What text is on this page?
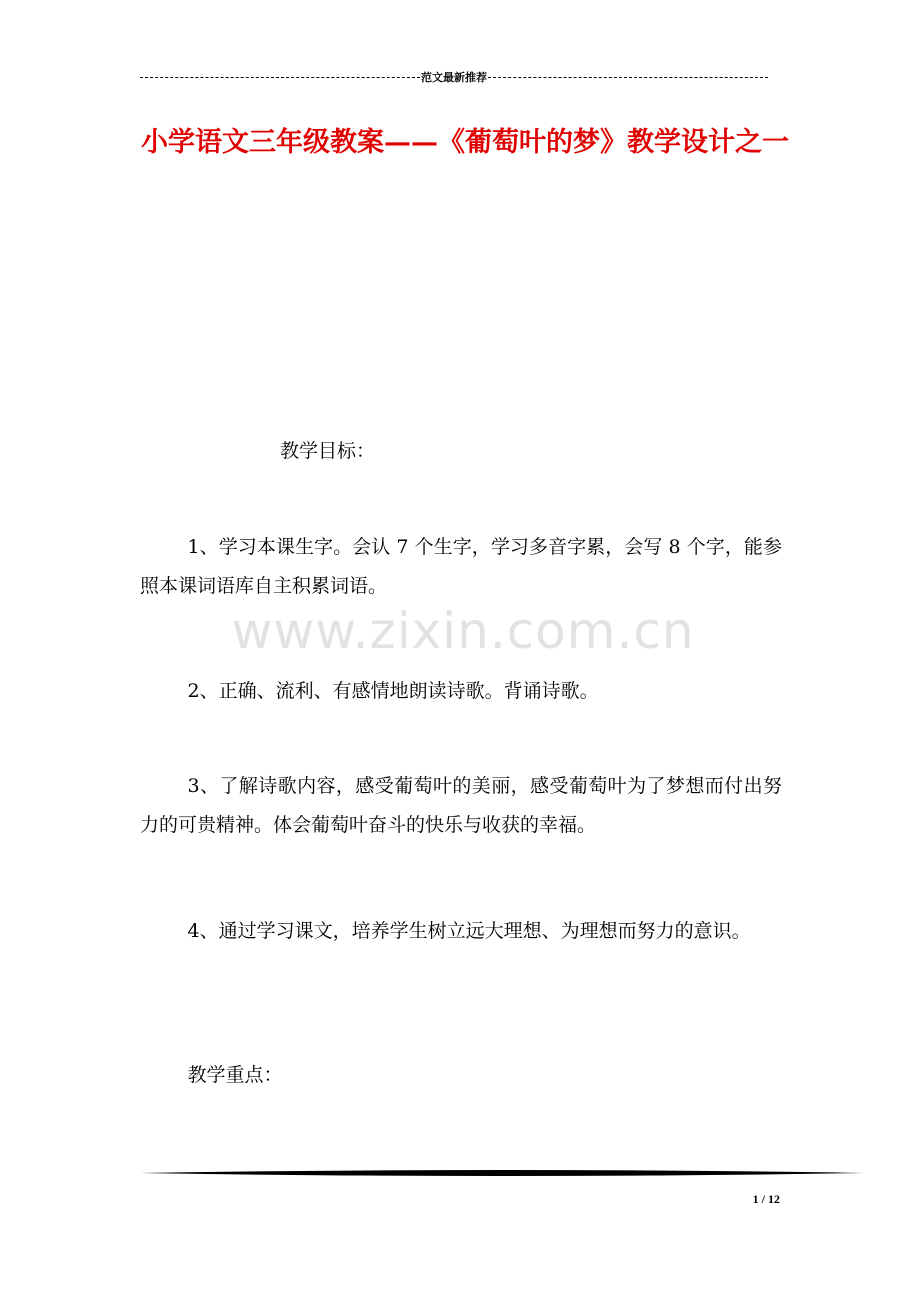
范文最新推荐
小学语文三年级教案——《葡萄叶的梦》教学设计之一
教学目标：
1、学习本课生字。会认 7 个生字，学习多音字累，会写 8 个字，能参照本课词语库自主积累词语。
2、正确、流利、有感情地朗读诗歌。背诵诗歌。
3、了解诗歌内容，感受葡萄叶的美丽，感受葡萄叶为了梦想而付出努力的可贵精神。体会葡萄叶奋斗的快乐与收获的幸福。
4、通过学习课文，培养学生树立远大理想、为理想而努力的意识。
教学重点：
www.zixin.com.cn
1 / 12
